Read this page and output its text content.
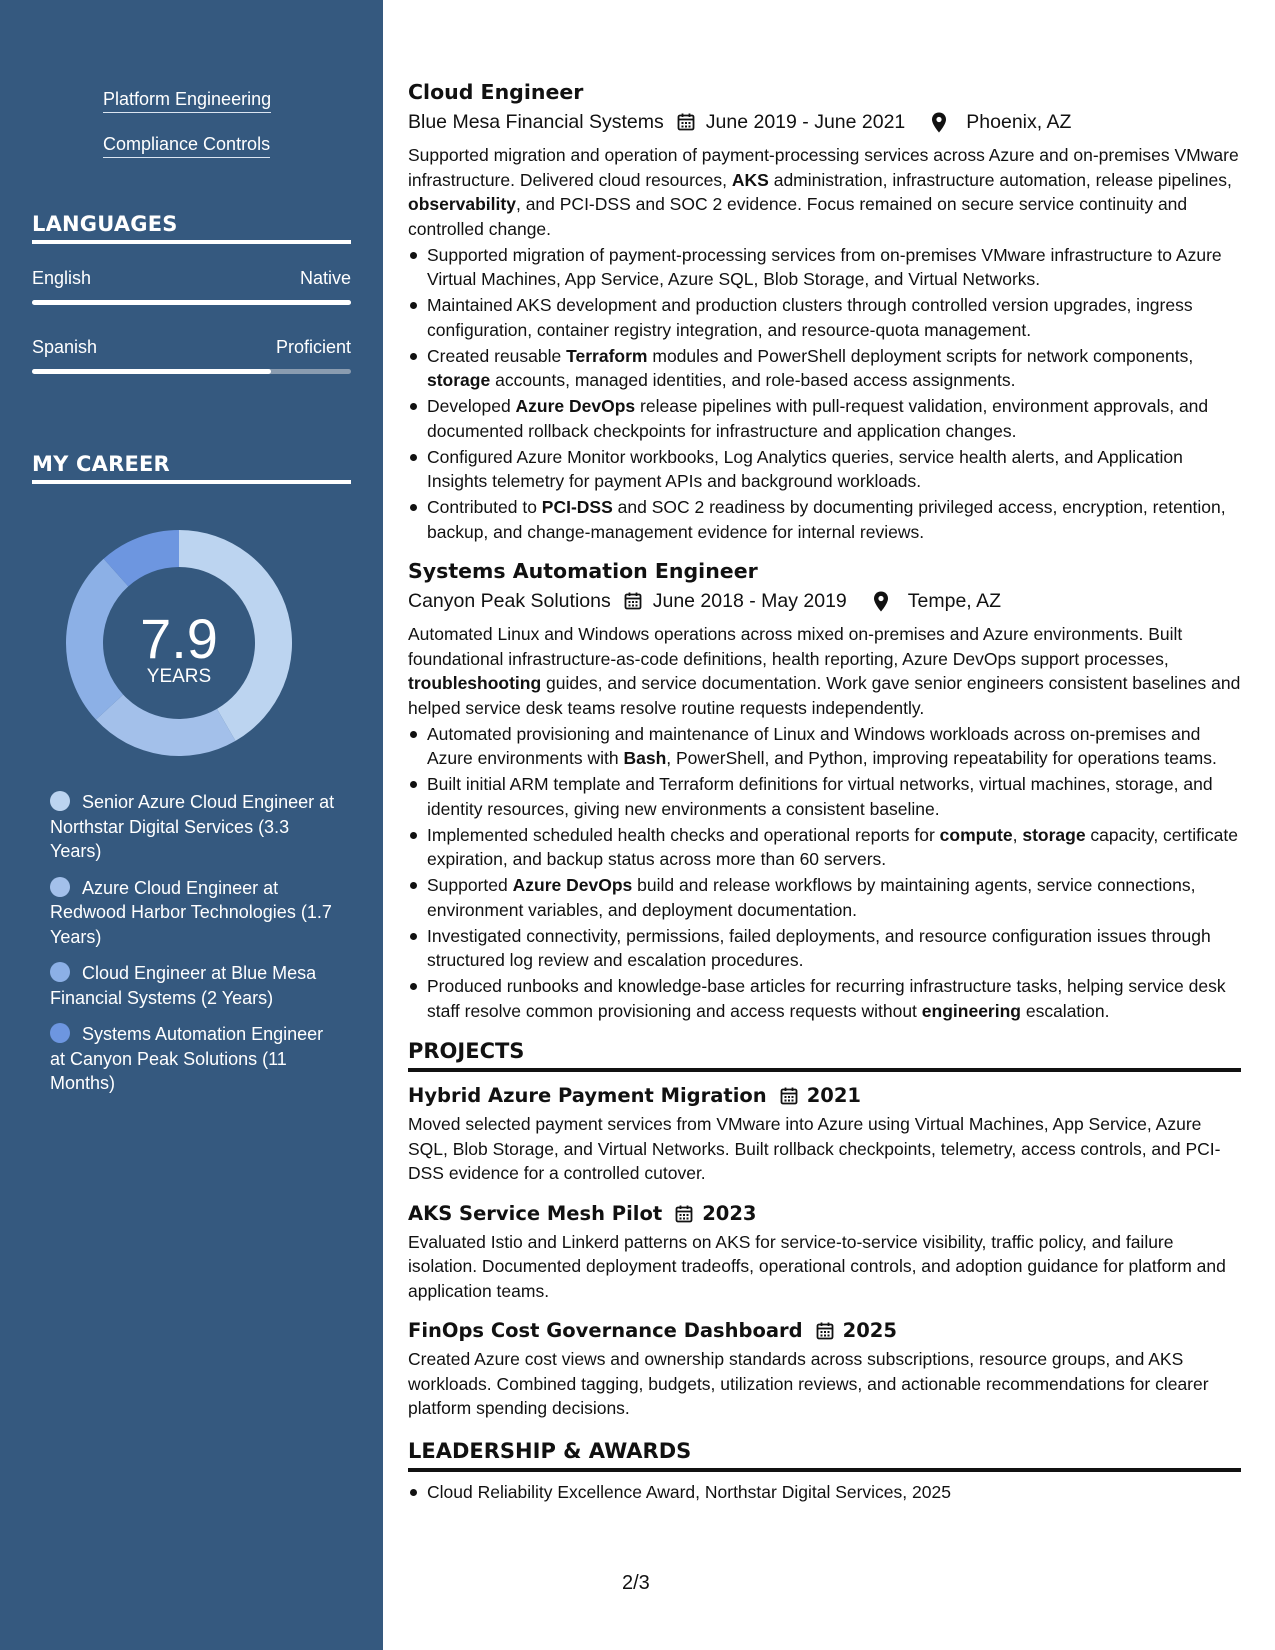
Platform Engineering
Compliance Controls
LANGUAGES
English	Native
Spanish	Proficient
MY CAREER
7.9
YEARS
Senior Azure Cloud Engineer at Northstar Digital Services (3.3 Years)
Azure Cloud Engineer at Redwood Harbor Technologies (1.7 Years)
Cloud Engineer at Blue Mesa Financial Systems (2 Years)
Systems Automation Engineer at Canyon Peak Solutions (11 Months)
Cloud Engineer
Blue Mesa Financial Systems June 2019 - June 2021	Phoenix, AZ
Supported migration and operation of payment-processing services across Azure and on-premises VMware infrastructure. Delivered cloud resources, AKS administration, infrastructure automation, release pipelines, observability, and PCI-DSS and SOC 2 evidence. Focus remained on secure service continuity and controlled change.
Supported migration of payment-processing services from on-premises VMware infrastructure to Azure Virtual Machines, App Service, Azure SQL, Blob Storage, and Virtual Networks.
Maintained AKS development and production clusters through controlled version upgrades, ingress configuration, container registry integration, and resource-quota management.
Created reusable Terraform modules and PowerShell deployment scripts for network components, storage accounts, managed identities, and role-based access assignments.
Developed Azure DevOps release pipelines with pull-request validation, environment approvals, and documented rollback checkpoints for infrastructure and application changes.
Configured Azure Monitor workbooks, Log Analytics queries, service health alerts, and Application Insights telemetry for payment APIs and background workloads.
Contributed to PCI-DSS and SOC 2 readiness by documenting privileged access, encryption, retention, backup, and change-management evidence for internal reviews.
Systems Automation Engineer
Canyon Peak Solutions June 2018 - May 2019	Tempe, AZ
Automated Linux and Windows operations across mixed on-premises and Azure environments. Built foundational infrastructure-as-code definitions, health reporting, Azure DevOps support processes, troubleshooting guides, and service documentation. Work gave senior engineers consistent baselines and helped service desk teams resolve routine requests independently.
Automated provisioning and maintenance of Linux and Windows workloads across on-premises and Azure environments with Bash, PowerShell, and Python, improving repeatability for operations teams.
Built initial ARM template and Terraform definitions for virtual networks, virtual machines, storage, and identity resources, giving new environments a consistent baseline.
Implemented scheduled health checks and operational reports for compute, storage capacity, certificate expiration, and backup status across more than 60 servers.
Supported Azure DevOps build and release workflows by maintaining agents, service connections, environment variables, and deployment documentation.
Investigated connectivity, permissions, failed deployments, and resource configuration issues through structured log review and escalation procedures.
Produced runbooks and knowledge-base articles for recurring infrastructure tasks, helping service desk staff resolve common provisioning and access requests without engineering escalation.
PROJECTS
Hybrid Azure Payment Migration 2021
Moved selected payment services from VMware into Azure using Virtual Machines, App Service, Azure SQL, Blob Storage, and Virtual Networks. Built rollback checkpoints, telemetry, access controls, and PCI-DSS evidence for a controlled cutover.
AKS Service Mesh Pilot 2023
Evaluated Istio and Linkerd patterns on AKS for service-to-service visibility, traffic policy, and failure isolation. Documented deployment tradeoffs, operational controls, and adoption guidance for platform and application teams.
FinOps Cost Governance Dashboard 2025
Created Azure cost views and ownership standards across subscriptions, resource groups, and AKS workloads. Combined tagging, budgets, utilization reviews, and actionable recommendations for clearer platform spending decisions.
LEADERSHIP & AWARDS
Cloud Reliability Excellence Award, Northstar Digital Services, 2025
2/3
